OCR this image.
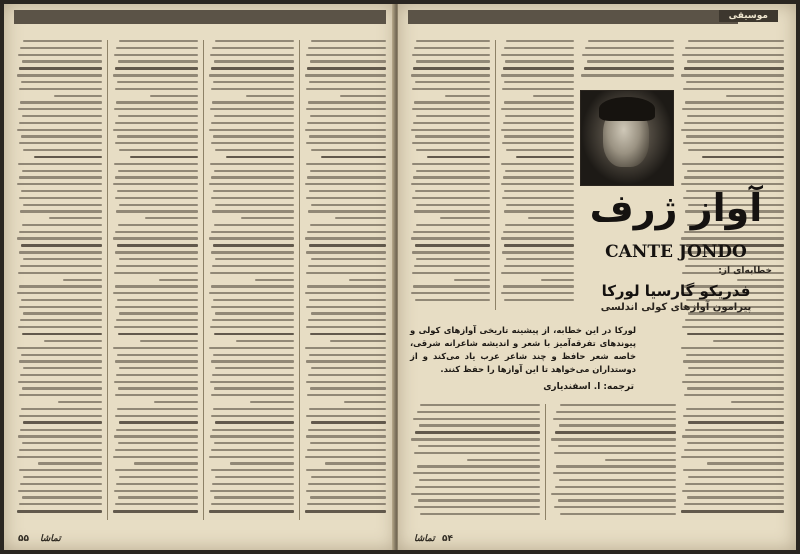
۵۵ تماشا
موسیقی
آواز ژرف
CANTE JONDO
خطابه‌ای از:
فدریکو گارسیا لورکا
پیرامون آوازهای کولی اندلسی
لورکا در این خطابه، از پیشینه تاریخی آوازهای کولی و پیوندهای تفرقه‌آمیز با شعر و اندیشه شاعرانه شرقی، خاصه شعر حافظ و چند شاعر عرب یاد می‌کند و از دوستداران می‌خواهد تا این آوازها را حفظ کنند.
ترجمه: ا. اسفندیاری
تماشا ۵۴
